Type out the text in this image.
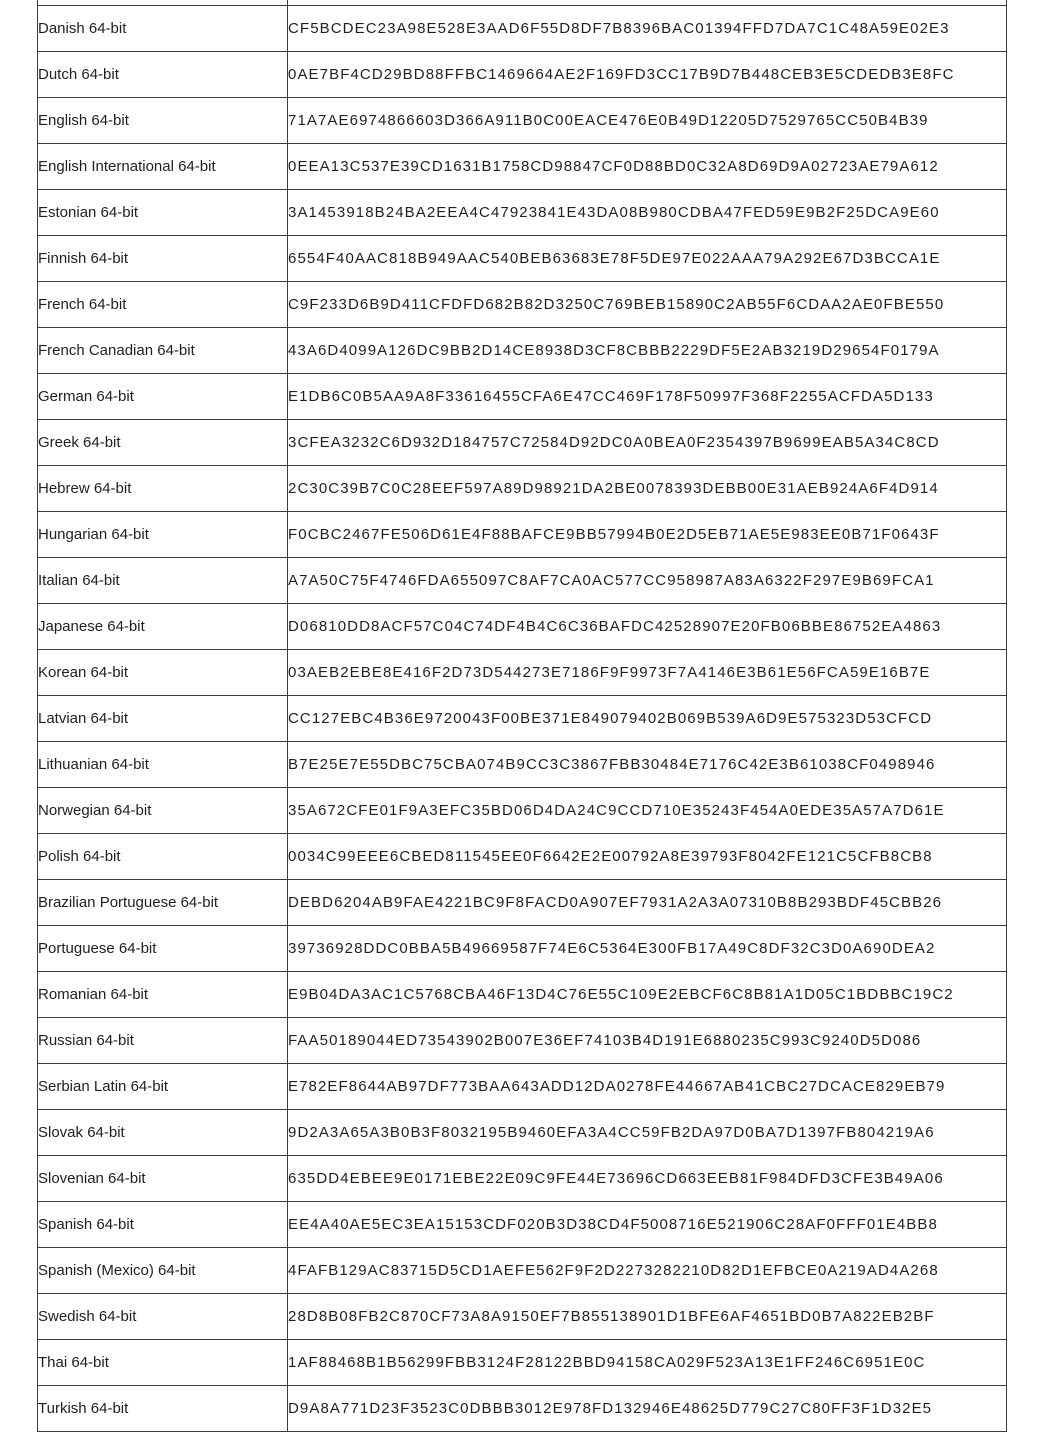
Danish 64-bit	CF5BCDEC23A98E528E3AAD6F55D8DF7B8396BAC01394FFD7DA7C1C48A59E02E3
Dutch 64-bit	0AE7BF4CD29BD88FFBC1469664AE2F169FD3CC17B9D7B448CEB3E5CDEDB3E8FC
English 64-bit	71A7AE6974866603D366A911B0C00EACE476E0B49D12205D7529765CC50B4B39
English International 64-bit	0EEA13C537E39CD1631B1758CD98847CF0D88BD0C32A8D69D9A02723AE79A612
Estonian 64-bit	3A1453918B24BA2EEA4C47923841E43DA08B980CDBA47FED59E9B2F25DCA9E60
Finnish 64-bit	6554F40AAC818B949AAC540BEB63683E78F5DE97E022AAA79A292E67D3BCCA1E
French 64-bit	C9F233D6B9D411CFDFD682B82D3250C769BEB15890C2AB55F6CDAA2AE0FBE550
French Canadian 64-bit	43A6D4099A126DC9BB2D14CE8938D3CF8CBBB2229DF5E2AB3219D29654F0179A
German 64-bit	E1DB6C0B5AA9A8F33616455CFA6E47CC469F178F50997F368F2255ACFDA5D133
Greek 64-bit	3CFEA3232C6D932D184757C72584D92DC0A0BEA0F2354397B9699EAB5A34C8CD
Hebrew 64-bit	2C30C39B7C0C28EEF597A89D98921DA2BE0078393DEBB00E31AEB924A6F4D914
Hungarian 64-bit	F0CBC2467FE506D61E4F88BAFCE9BB57994B0E2D5EB71AE5E983EE0B71F0643F
Italian 64-bit	A7A50C75F4746FDA655097C8AF7CA0AC577CC958987A83A6322F297E9B69FCA1
Japanese 64-bit	D06810DD8ACF57C04C74DF4B4C6C36BAFDC42528907E20FB06BBE86752EA4863
Korean 64-bit	03AEB2EBE8E416F2D73D544273E7186F9F9973F7A4146E3B61E56FCA59E16B7E
Latvian 64-bit	CC127EBC4B36E9720043F00BE371E849079402B069B539A6D9E575323D53CFCD
Lithuanian 64-bit	B7E25E7E55DBC75CBA074B9CC3C3867FBB30484E7176C42E3B61038CF0498946
Norwegian 64-bit	35A672CFE01F9A3EFC35BD06D4DA24C9CCD710E35243F454A0EDE35A57A7D61E
Polish 64-bit	0034C99EEE6CBED811545EE0F6642E2E00792A8E39793F8042FE121C5CFB8CB8
Brazilian Portuguese 64-bit	DEBD6204AB9FAE4221BC9F8FACD0A907EF7931A2A3A07310B8B293BDF45CBB26
Portuguese 64-bit	39736928DDC0BBA5B49669587F74E6C5364E300FB17A49C8DF32C3D0A690DEA2
Romanian 64-bit	E9B04DA3AC1C5768CBA46F13D4C76E55C109E2EBCF6C8B81A1D05C1BDBBC19C2
Russian 64-bit	FAA50189044ED73543902B007E36EF74103B4D191E6880235C993C9240D5D086
Serbian Latin 64-bit	E782EF8644AB97DF773BAA643ADD12DA0278FE44667AB41CBC27DCACE829EB79
Slovak 64-bit	9D2A3A65A3B0B3F8032195B9460EFA3A4CC59FB2DA97D0BA7D1397FB804219A6
Slovenian 64-bit	635DD4EBEE9E0171EBE22E09C9FE44E73696CD663EEB81F984DFD3CFE3B49A06
Spanish 64-bit	EE4A40AE5EC3EA15153CDF020B3D38CD4F5008716E521906C28AF0FFF01E4BB8
Spanish (Mexico) 64-bit	4FAFB129AC83715D5CD1AEFE562F9F2D2273282210D82D1EFBCE0A219AD4A268
Swedish 64-bit	28D8B08FB2C870CF73A8A9150EF7B855138901D1BFE6AF4651BD0B7A822EB2BF
Thai 64-bit	1AF88468B1B56299FBB3124F28122BBD94158CA029F523A13E1FF246C6951E0C
Turkish 64-bit	D9A8A771D23F3523C0DBBB3012E978FD132946E48625D779C27C80FF3F1D32E5
